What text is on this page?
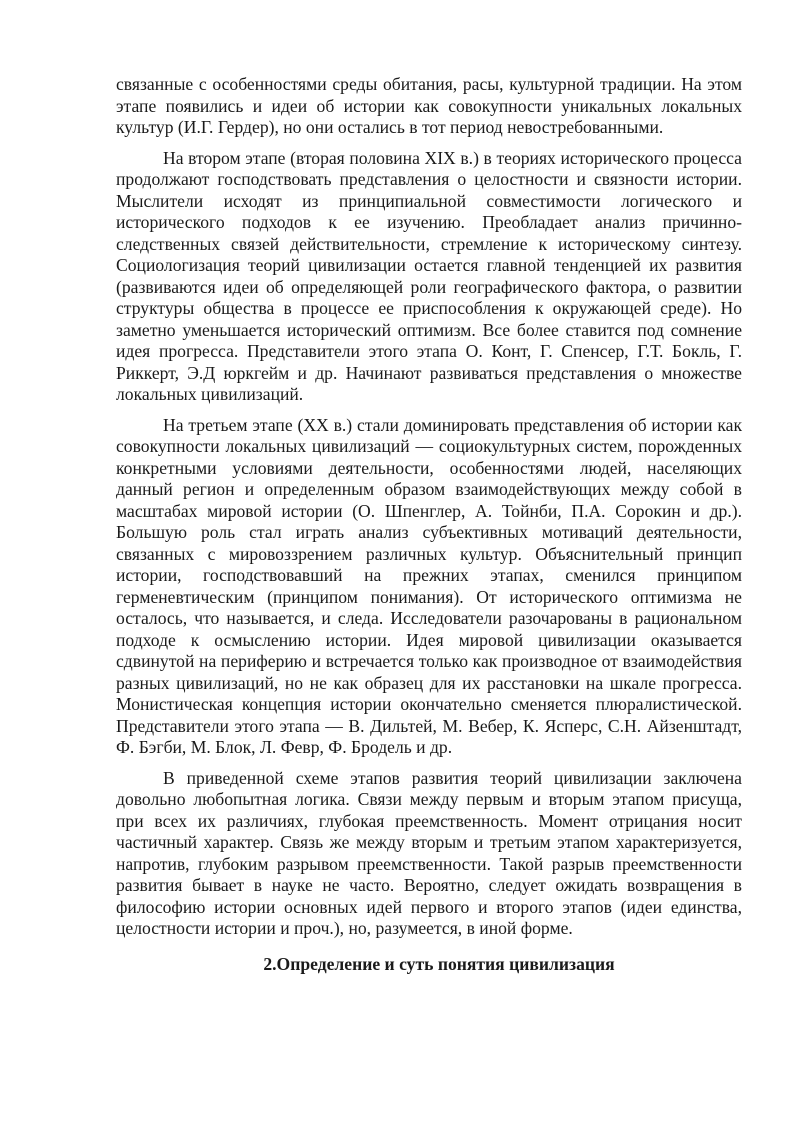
связанные с особенностями среды обитания, расы, культурной традиции. На этом этапе появились и идеи об истории как совокупности уникальных локальных культур (И.Г. Гердер), но они остались в тот период невостребованными.

На втором этапе (вторая половина XIX в.) в теориях исторического процесса продолжают господствовать представления о целостности и связности истории. Мыслители исходят из принципиальной совместимости логического и исторического подходов к ее изучению. Преобладает анализ причинно-следственных связей действительности, стремление к историческому синтезу. Социологизация теорий цивилизации остается главной тенденцией их развития (развиваются идеи об определяющей роли географического фактора, о развитии структуры общества в процессе ее приспособления к окружающей среде). Но заметно уменьшается исторический оптимизм. Все более ставится под сомнение идея прогресса. Представители этого этапа О. Конт, Г. Спенсер, Г.Т. Бокль, Г. Риккерт, Э.Д юркгейм и др. Начинают развиваться представления о множестве локальных цивилизаций.

На третьем этапе (XX в.) стали доминировать представления об истории как совокупности локальных цивилизаций — социокультурных систем, порожденных конкретными условиями деятельности, особенностями людей, населяющих данный регион и определенным образом взаимодействующих между собой в масштабах мировой истории (О. Шпенглер, А. Тойнби, П.А. Сорокин и др.). Большую роль стал играть анализ субъективных мотиваций деятельности, связанных с мировоззрением различных культур. Объяснительный принцип истории, господствовавший на прежних этапах, сменился принципом герменевтическим (принципом понимания). От исторического оптимизма не осталось, что называется, и следа. Исследователи разочарованы в рациональном подходе к осмыслению истории. Идея мировой цивилизации оказывается сдвинутой на периферию и встречается только как производное от взаимодействия разных цивилизаций, но не как образец для их расстановки на шкале прогресса. Монистическая концепция истории окончательно сменяется плюралистической. Представители этого этапа — В. Дильтей, М. Вебер, К. Ясперс, С.Н. Айзенштадт, Ф. Бэгби, М. Блок, Л. Февр, Ф. Бродель и др.

В приведенной схеме этапов развития теорий цивилизации заключена довольно любопытная логика. Связи между первым и вторым этапом присуща, при всех их различиях, глубокая преемственность. Момент отрицания носит частичный характер. Связь же между вторым и третьим этапом характеризуется, напротив, глубоким разрывом преемственности. Такой разрыв преемственности развития бывает в науке не часто. Вероятно, следует ожидать возвращения в философию истории основных идей первого и второго этапов (идеи единства, целостности истории и проч.), но, разумеется, в иной форме.

2.Определение и суть понятия цивилизация
